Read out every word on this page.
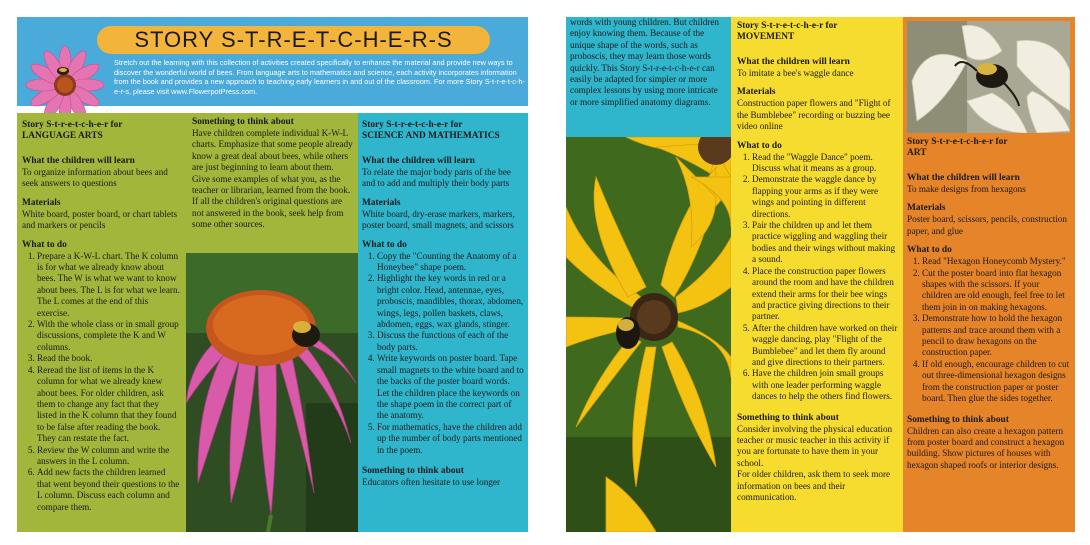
STORY S-T-R-E-T-C-H-E-R-S
Stretch out the learning with this collection of activities created specifically to enhance the material and provide new ways to discover the wonderful world of bees. From language arts to mathematics and science, each activity incorporates information from the book and provides a new approach to teaching early learners in and out of the classroom. For more Story S-t-r-e-t-c-h-e-r-s, please visit www.FlowerpotPress.com.
Story S-t-r-e-t-c-h-e-r for
LANGUAGE ARTS
What the children will learn

To organize information about bees and seek answers to questions

Materials

White board, poster board, or chart tablets and markers or pencils

What to do
1. Prepare a K-W-L chart. The K column is for what we already know about bees. The W is what we want to know about bees. The L is for what we learn. The L comes at the end of this exercise.
2. With the whole class or in small group discussions, complete the K and W columns.
3. Read the book.
4. Reread the list of items in the K column for what we already knew about bees. For older children, ask them to change any fact that they listed in the K column that they found to be false after reading the book. They can restate the fact.
5. Review the W column and write the answers in the L column.
6. Add new facts the children learned that went beyond their questions to the L column. Discuss each column and compare them.
Something to think about

Have children complete individual K-W-L charts. Emphasize that some people already know a great deal about bees, while others are just beginning to learn about them. Give some examples of what you, as the teacher or librarian, learned from the book. If all the children's original questions are not answered in the book, seek help from some other sources.

Story S-t-r-e-t-c-h-e-r for
SCIENCE AND MATHEMATICS
What the children will learn

To relate the major body parts of the bee and to add and multiply their body parts

Materials

White board, dry-erase markers, markers, poster board, small magnets, and scissors

What to do
1. Copy the "Counting the Anatomy of a Honeybee" shape poem.
2. Highlight the key words in red or a bright color. Head, antennae, eyes, proboscis, mandibles, thorax, abdomen, wings, legs, pollen baskets, claws, abdomen, eggs, wax glands, stinger.
3. Discuss the functions of each of the body parts.
4. Write keywords on poster board. Tape small magnets to the white board and to the backs of the poster board words. Let the children place the keywords on the shape poem in the correct part of the anatomy.
5. For mathematics, have the children add up the number of body parts mentioned in the poem.
Something to think about

Educators often hesitate to use longer

words with young children. But children enjoy knowing them. Because of the unique shape of the words, such as proboscis, they may learn those words quickly. This Story S-t-r-e-t-c-h-e-r can easily be adapted for simpler or more complex lessons by using more intricate or more simplified anatomy diagrams.

Story S-t-r-e-t-c-h-e-r for
MOVEMENT
What the children will learn

To imitate a bee's waggle dance

Materials

Construction paper flowers and "Flight of the Bumblebee" recording or buzzing bee video online

What to do
1. Read the "Waggle Dance" poem. Discuss what it means as a group.
2. Demonstrate the waggle dance by flapping your arms as if they were wings and pointing in different directions.
3. Pair the children up and let them practice wiggling and waggling their bodies and their wings without making a sound.
4. Place the construction paper flowers around the room and have the children extend their arms for their bee wings and practice giving directions to their partner.
5. After the children have worked on their waggle dancing, play "Flight of the Bumblebee" and let them fly around and give directions to their partners.
6. Have the children join small groups with one leader performing waggle dances to help the others find flowers.
Something to think about

Consider involving the physical education teacher or music teacher in this activity if you are fortunate to have them in your school.

For older children, ask them to seek more information on bees and their communication.

Story S-t-r-e-t-c-h-e-r for
ART
What the children will learn

To make designs from hexagons

Materials

Poster board, scissors, pencils, construction paper, and glue

What to do
1. Read "Hexagon Honeycomb Mystery."
2. Cut the poster board into flat hexagon shapes with the scissors. If your children are old enough, feel free to let them join in on making hexagons.
3. Demonstrate how to hold the hexagon patterns and trace around them with a pencil to draw hexagons on the construction paper.
4. If old enough, encourage children to cut out three-dimensional hexagon designs from the construction paper or poster board. Then glue the sides together.
Something to think about

Children can also create a hexagon pattern from poster board and construct a hexagon building. Show pictures of houses with hexagon shaped roofs or interior designs.
